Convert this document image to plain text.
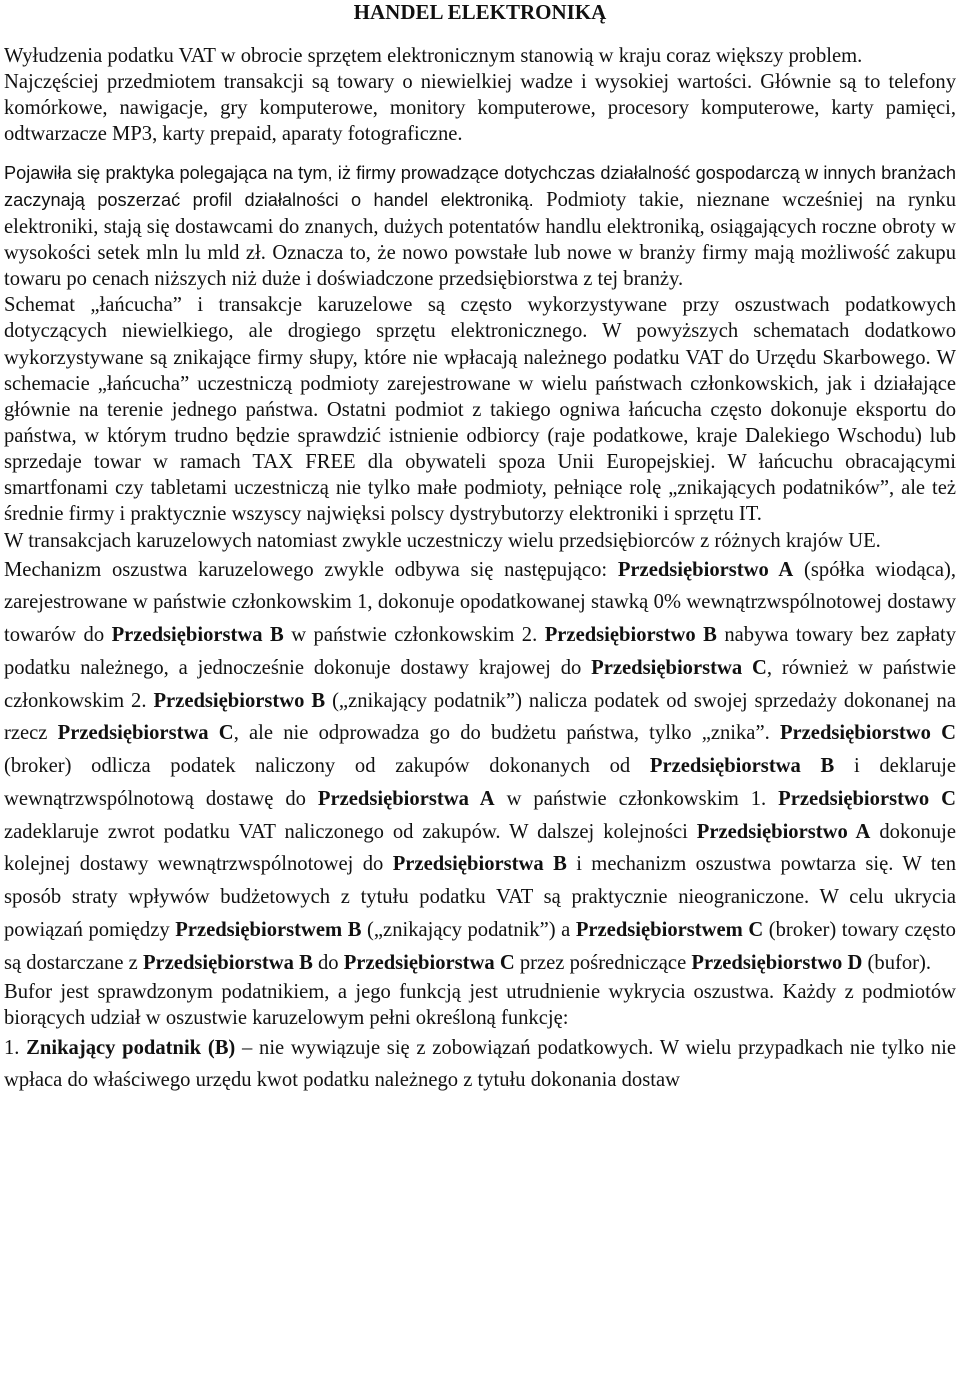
HANDEL ELEKTRONIKĄ

Wyłudzenia podatku VAT w obrocie sprzętem elektronicznym stanowią w kraju coraz większy problem.
Najczęściej przedmiotem transakcji są towary o niewielkiej wadze i wysokiej wartości. Głównie są to telefony komórkowe, nawigacje, gry komputerowe, monitory komputerowe, procesory komputerowe, karty pamięci, odtwarzacze MP3, karty prepaid, aparaty fotograficzne.

Pojawiła się praktyka polegająca na tym, iż firmy prowadzące dotychczas działalność gospodarczą w innych branżach zaczynają poszerzać profil działalności o handel elektroniką. Podmioty takie, nieznane wcześniej na rynku elektroniki, stają się dostawcami do znanych, dużych potentatów handlu elektroniką, osiągających roczne obroty w wysokości setek mln lu mld zł. Oznacza to, że nowo powstałe lub nowe w branży firmy mają możliwość zakupu towaru po cenach niższych niż duże i doświadczone przedsiębiorstwa z tej branży.

Schemat „łańcucha” i transakcje karuzelowe są często wykorzystywane przy oszustwach podatkowych dotyczących niewielkiego, ale drogiego sprzętu elektronicznego. W powyższych schematach dodatkowo wykorzystywane są znikające firmy słupy, które nie wpłacają należnego podatku VAT do Urzędu Skarbowego. W schemacie „łańcucha” uczestniczą podmioty zarejestrowane w wielu państwach członkowskich, jak i działające głównie na terenie jednego państwa. Ostatni podmiot z takiego ogniwa łańcucha często dokonuje eksportu do państwa, w którym trudno będzie sprawdzić istnienie odbiorcy (raje podatkowe, kraje Dalekiego Wschodu) lub sprzedaje towar w ramach TAX FREE dla obywateli spoza Unii Europejskiej. W łańcuchu obracającymi smartfonami czy tabletami uczestniczą nie tylko małe podmioty, pełniące rolę „znikających podatników”, ale też średnie firmy i praktycznie wszyscy najwięksi polscy dystrybutorzy elektroniki i sprzętu IT.

W transakcjach karuzelowych natomiast zwykle uczestniczy wielu przedsiębiorców z różnych krajów UE.

Mechanizm oszustwa karuzelowego zwykle odbywa się następująco: Przedsiębiorstwo A (spółka wiodąca), zarejestrowane w państwie członkowskim 1, dokonuje opodatkowanej stawką 0% wewnątrzwspólnotowej dostawy towarów do Przedsiębiorstwa B w państwie członkowskim 2. Przedsiębiorstwo B nabywa towary bez zapłaty podatku należnego, a jednocześnie dokonuje dostawy krajowej do Przedsiębiorstwa C, również w państwie członkowskim 2. Przedsiębiorstwo B („znikający podatnik”) nalicza podatek od swojej sprzedaży dokonanej na rzecz Przedsiębiorstwa C, ale nie odprowadza go do budżetu państwa, tylko „znika”. Przedsiębiorstwo C (broker) odlicza podatek naliczony od zakupów dokonanych od Przedsiębiorstwa B i deklaruje wewnątrzwspólnotową dostawę do Przedsiębiorstwa A w państwie członkowskim 1. Przedsiębiorstwo C zadeklaruje zwrot podatku VAT naliczonego od zakupów. W dalszej kolejności Przedsiębiorstwo A dokonuje kolejnej dostawy wewnątrzwspólnotowej do Przedsiębiorstwa B i mechanizm oszustwa powtarza się. W ten sposób straty wpływów budżetowych z tytułu podatku VAT są praktycznie nieograniczone. W celu ukrycia powiązań pomiędzy Przedsiębiorstwem B („znikający podatnik”) a Przedsiębiorstwem C (broker) towary często są dostarczane z Przedsiębiorstwa B do Przedsiębiorstwa C przez pośredniczące Przedsiębiorstwo D (bufor).

Bufor jest sprawdzonym podatnikiem, a jego funkcją jest utrudnienie wykrycia oszustwa. Każdy z podmiotów biorących udział w oszustwie karuzelowym pełni określoną funkcję:

1. Znikający podatnik (B) – nie wywiązuje się z zobowiązań podatkowych. W wielu przypadkach nie tylko nie wpłaca do właściwego urzędu kwot podatku należnego z tytułu dokonania dostaw
